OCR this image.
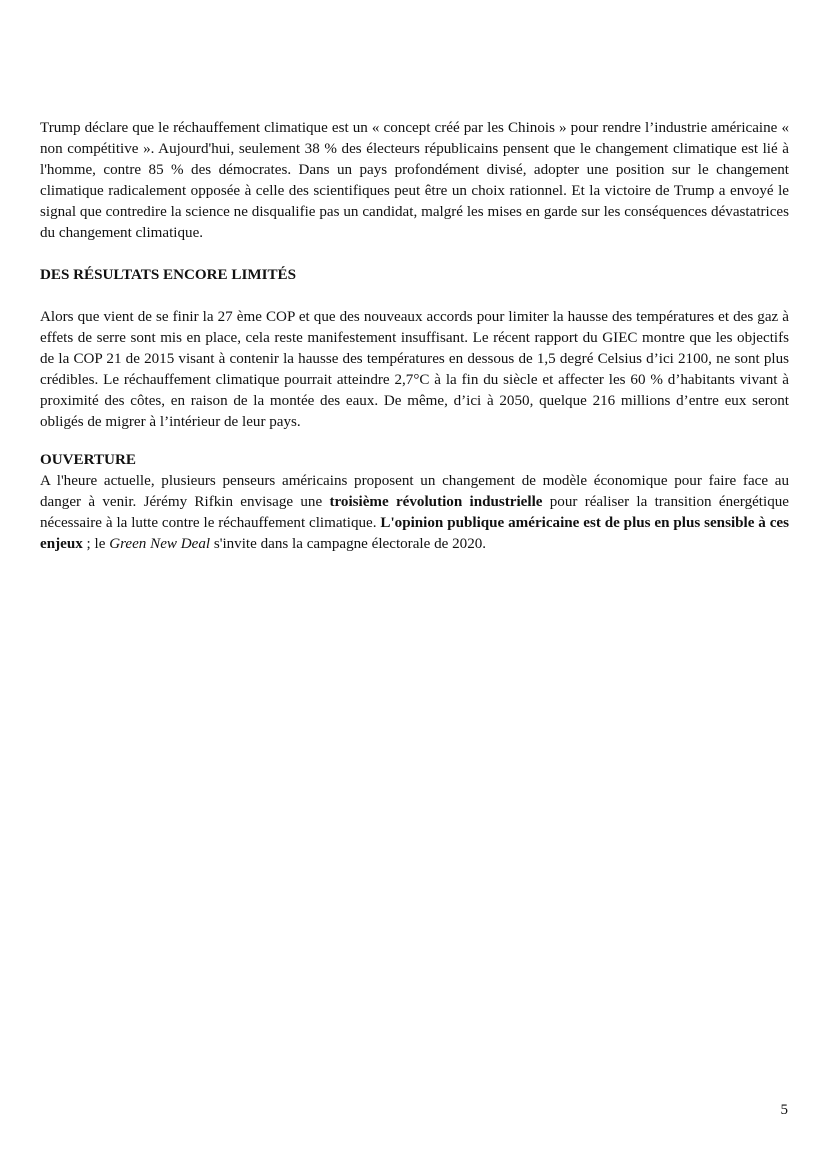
Trump déclare que le réchauffement climatique est un « concept créé par les Chinois » pour rendre l’industrie américaine « non compétitive ». Aujourd'hui, seulement 38 % des électeurs républicains pensent que le changement climatique est lié à l'homme, contre 85 % des démocrates. Dans un pays profondément divisé, adopter une position sur le changement climatique radicalement opposée à celle des scientifiques peut être un choix rationnel. Et la victoire de Trump a envoyé le signal que contredire la science ne disqualifie pas un candidat, malgré les mises en garde sur les conséquences dévastatrices du changement climatique.

DES RÉSULTATS ENCORE LIMITÉS

Alors que vient de se finir la 27 ème COP et que des nouveaux accords pour limiter la hausse des températures et des gaz à effets de serre sont mis en place, cela reste manifestement insuffisant. Le récent rapport du GIEC montre que les objectifs de la COP 21 de 2015 visant à contenir la hausse des températures en dessous de 1,5 degré Celsius d’ici 2100, ne sont plus crédibles. Le réchauffement climatique pourrait atteindre 2,7°C à la fin du siècle et affecter les 60 % d’habitants vivant à proximité des côtes, en raison de la montée des eaux. De même, d’ici à 2050, quelque 216 millions d’entre eux seront obligés de migrer à l’intérieur de leur pays.

OUVERTURE

A l'heure actuelle, plusieurs penseurs américains proposent un changement de modèle économique pour faire face au danger à venir. Jérémy Rifkin envisage une troisième révolution industrielle pour réaliser la transition énergétique nécessaire à la lutte contre le réchauffement climatique. L'opinion publique américaine est de plus en plus sensible à ces enjeux ; le Green New Deal s'invite dans la campagne électorale de 2020.

5
